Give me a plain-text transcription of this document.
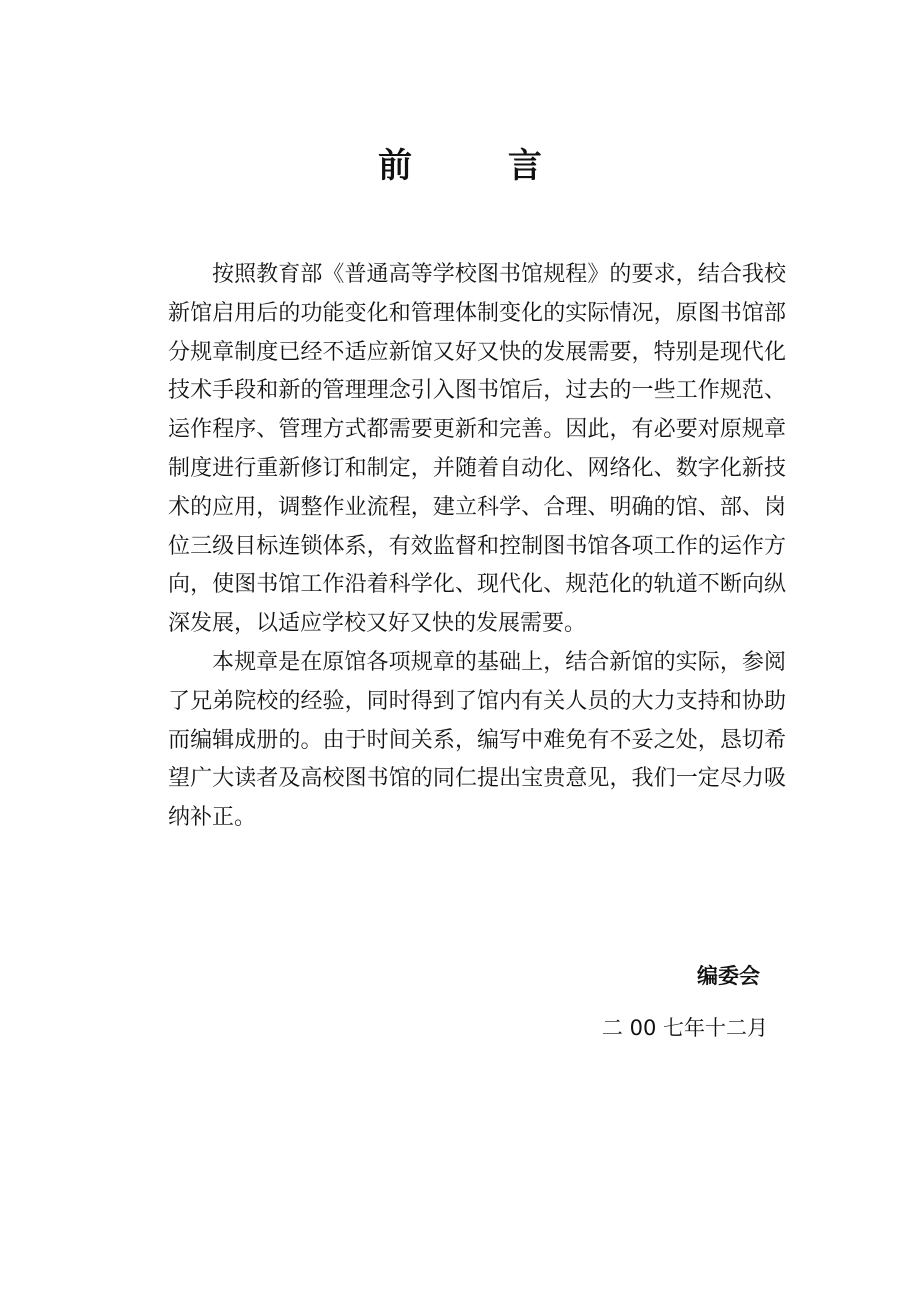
前 言

按照教育部《普通高等学校图书馆规程》的要求，结合我校新馆启用后的功能变化和管理体制变化的实际情况，原图书馆部分规章制度已经不适应新馆又好又快的发展需要，特别是现代化技术手段和新的管理理念引入图书馆后，过去的一些工作规范、运作程序、管理方式都需要更新和完善。因此，有必要对原规章制度进行重新修订和制定，并随着自动化、网络化、数字化新技术的应用，调整作业流程，建立科学、合理、明确的馆、部、岗位三级目标连锁体系，有效监督和控制图书馆各项工作的运作方向，使图书馆工作沿着科学化、现代化、规范化的轨道不断向纵深发展，以适应学校又好又快的发展需要。

本规章是在原馆各项规章的基础上，结合新馆的实际，参阅了兄弟院校的经验，同时得到了馆内有关人员的大力支持和协助而编辑成册的。由于时间关系，编写中难免有不妥之处，恳切希望广大读者及高校图书馆的同仁提出宝贵意见，我们一定尽力吸纳补正。

编委会
二 00 七年十二月
